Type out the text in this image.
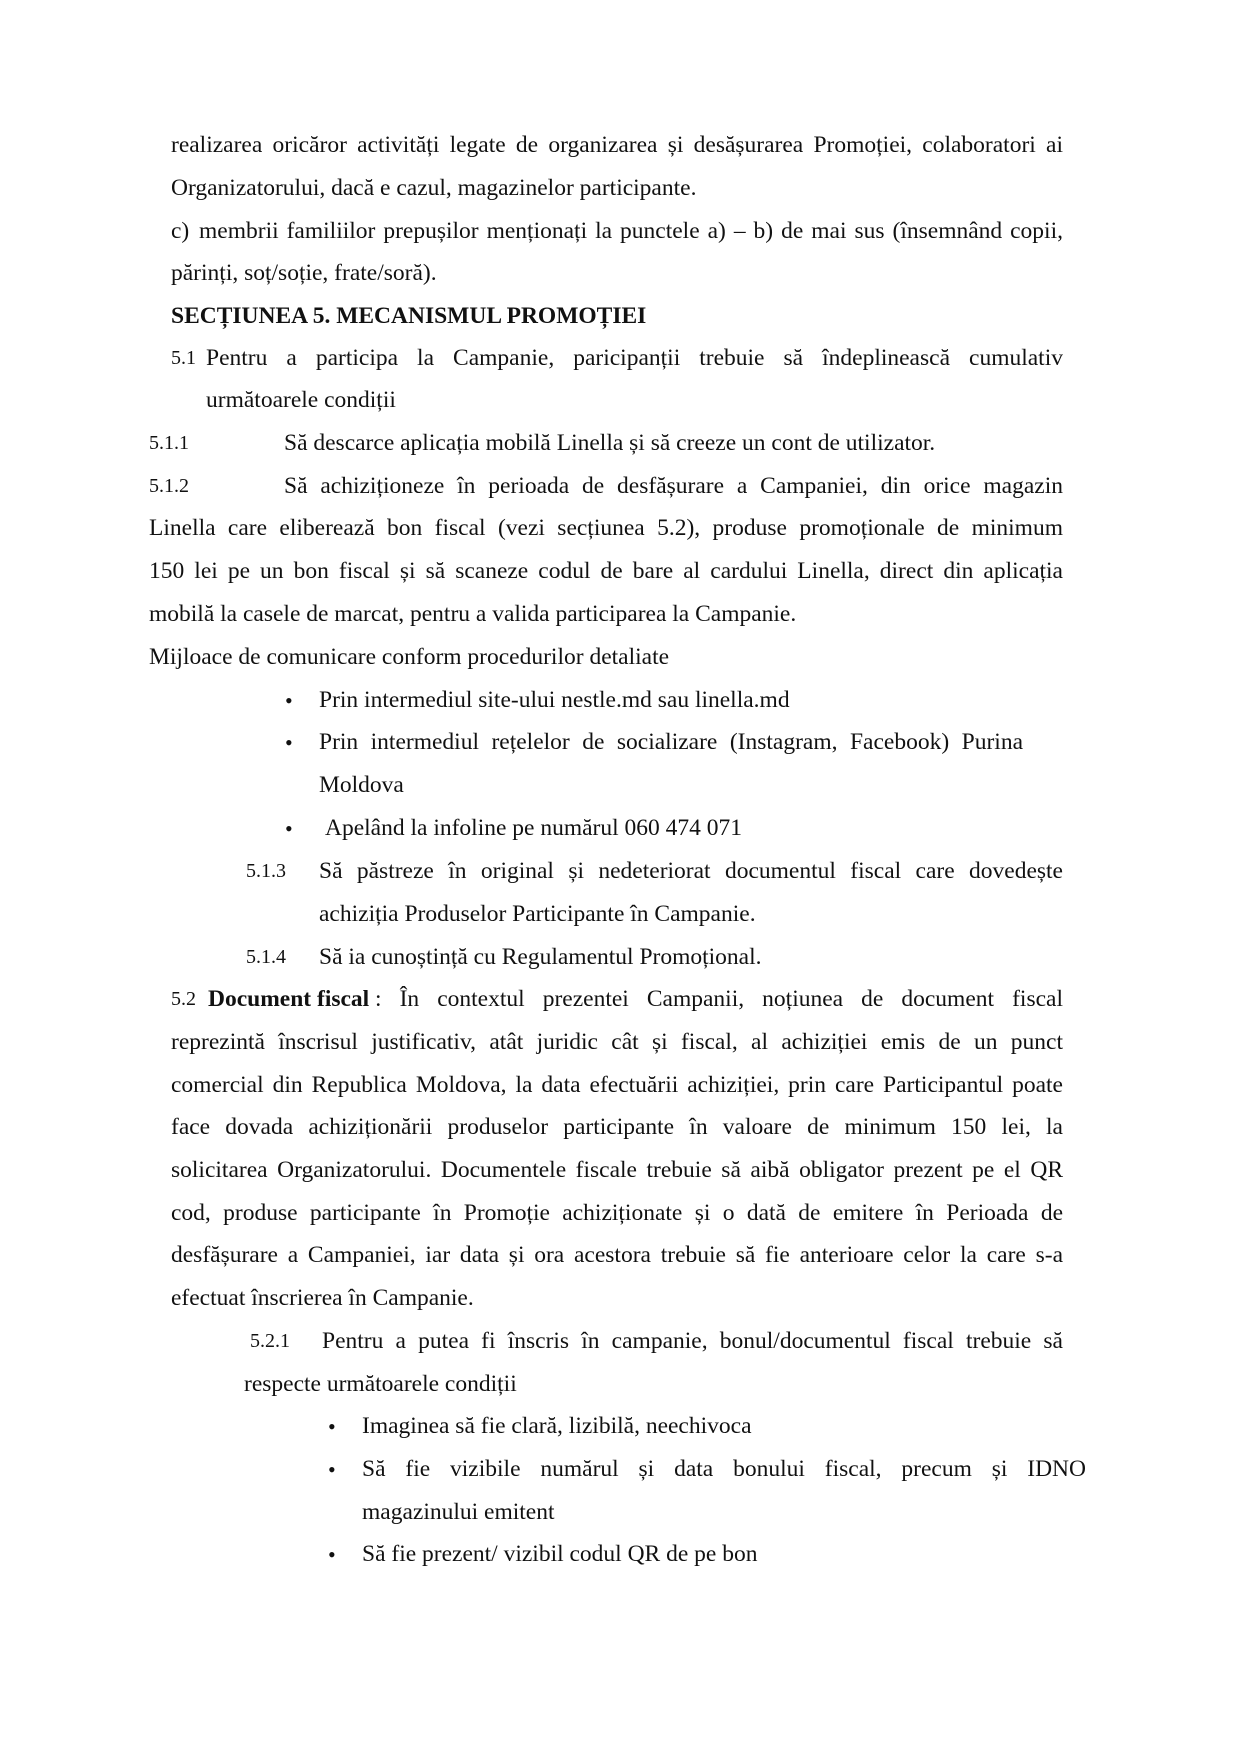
realizarea oricăror activități legate de organizarea și desășurarea Promoției, colaboratori ai
Organizatorului, dacă e cazul, magazinelor participante.
c) membrii familiilor prepușilor menționați la punctele a) – b) de mai sus (însemnând copii,
părinți, soț/soție, frate/soră).
SECȚIUNEA 5. MECANISMUL PROMOȚIEI
5.1 Pentru a participa la Campanie, paricipanții trebuie să îndeplinească cumulativ
următoarele condiții
5.1.1	Să descarce aplicația mobilă Linella și să creeze un cont de utilizator.
5.1.2	Să achiziționeze în perioada de desfășurare a Campaniei, din orice magazin
Linella care eliberează bon fiscal (vezi secțiunea 5.2), produse promoționale de minimum
150 lei pe un bon fiscal și să scaneze codul de bare al cardului Linella, direct din aplicația
mobilă la casele de marcat, pentru a valida participarea la Campanie.
Mijloace de comunicare conform procedurilor detaliate
• Prin intermediul site-ului nestle.md sau linella.md
• Prin intermediul rețelelor de socializare (Instagram, Facebook) Purina
Moldova
• Apelând la infoline pe numărul 060 474 071
5.1.3 Să păstreze în original și nedeteriorat documentul fiscal care dovedește
achiziția Produselor Participante în Campanie.
5.1.4 Să ia cunoștință cu Regulamentul Promoțional.
5.2 Document fiscal : În contextul prezentei Campanii, noțiunea de document fiscal
reprezintă înscrisul justificativ, atât juridic cât și fiscal, al achiziției emis de un punct
comercial din Republica Moldova, la data efectuării achiziției, prin care Participantul poate
face dovada achiziționării produselor participante în valoare de minimum 150 lei, la
solicitarea Organizatorului. Documentele fiscale trebuie să aibă obligator prezent pe el QR
cod, produse participante în Promoție achiziționate și o dată de emitere în Perioada de
desfășurare a Campaniei, iar data și ora acestora trebuie să fie anterioare celor la care s-a
efectuat înscrierea în Campanie.
5.2.1 Pentru a putea fi înscris în campanie, bonul/documentul fiscal trebuie să
respecte următoarele condiții
• Imaginea să fie clară, lizibilă, neechivoca
• Să fie vizibile numărul și data bonului fiscal, precum și IDNO
magazinului emitent
• Să fie prezent/ vizibil codul QR de pe bon
